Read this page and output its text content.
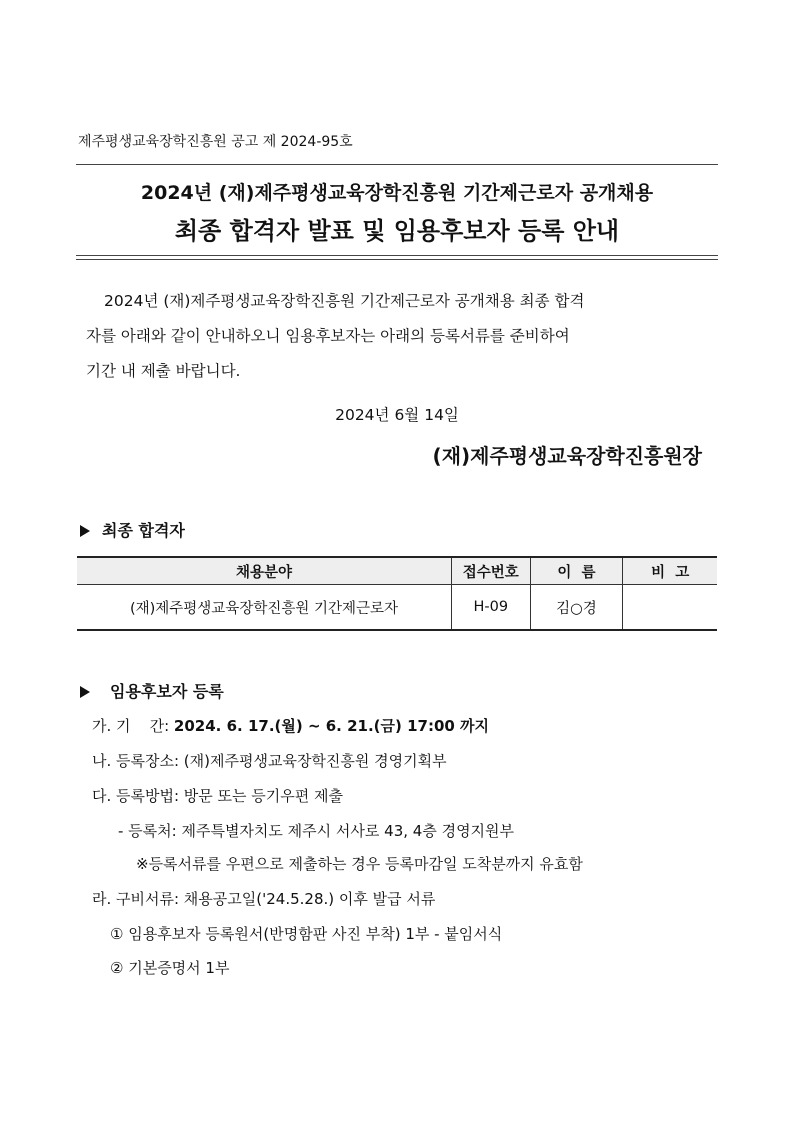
제주평생교육장학진흥원 공고 제 2024-95호
2024년 (재)제주평생교육장학진흥원 기간제근로자 공개채용
최종 합격자 발표 및 임용후보자 등록 안내

2024년 (재)제주평생교육장학진흥원 기간제근로자 공개채용 최종 합격

자를 아래와 같이 안내하오니 임용후보자는 아래의 등록서류를 준비하여

기간 내 제출 바랍니다.

2024년 6월 14일
(재)제주평생교육장학진흥원장
최종 합격자
채용분야	접수번호	이  름	비  고
(재)제주평생교육장학진흥원 기간제근로자	H-09	김○경	
임용후보자 등록
가. 기    간: 2024. 6. 17.(월) ~ 6. 21.(금) 17:00 까지
나. 등록장소: (재)제주평생교육장학진흥원 경영기획부
다. 등록방법: 방문 또는 등기우편 제출
- 등록처: 제주특별자치도 제주시 서사로 43, 4층 경영지원부
※등록서류를 우편으로 제출하는 경우 등록마감일 도착분까지 유효함
라. 구비서류: 채용공고일('24.5.28.) 이후 발급 서류
① 임용후보자 등록원서(반명함판 사진 부착) 1부 - 붙임서식
② 기본증명서 1부
